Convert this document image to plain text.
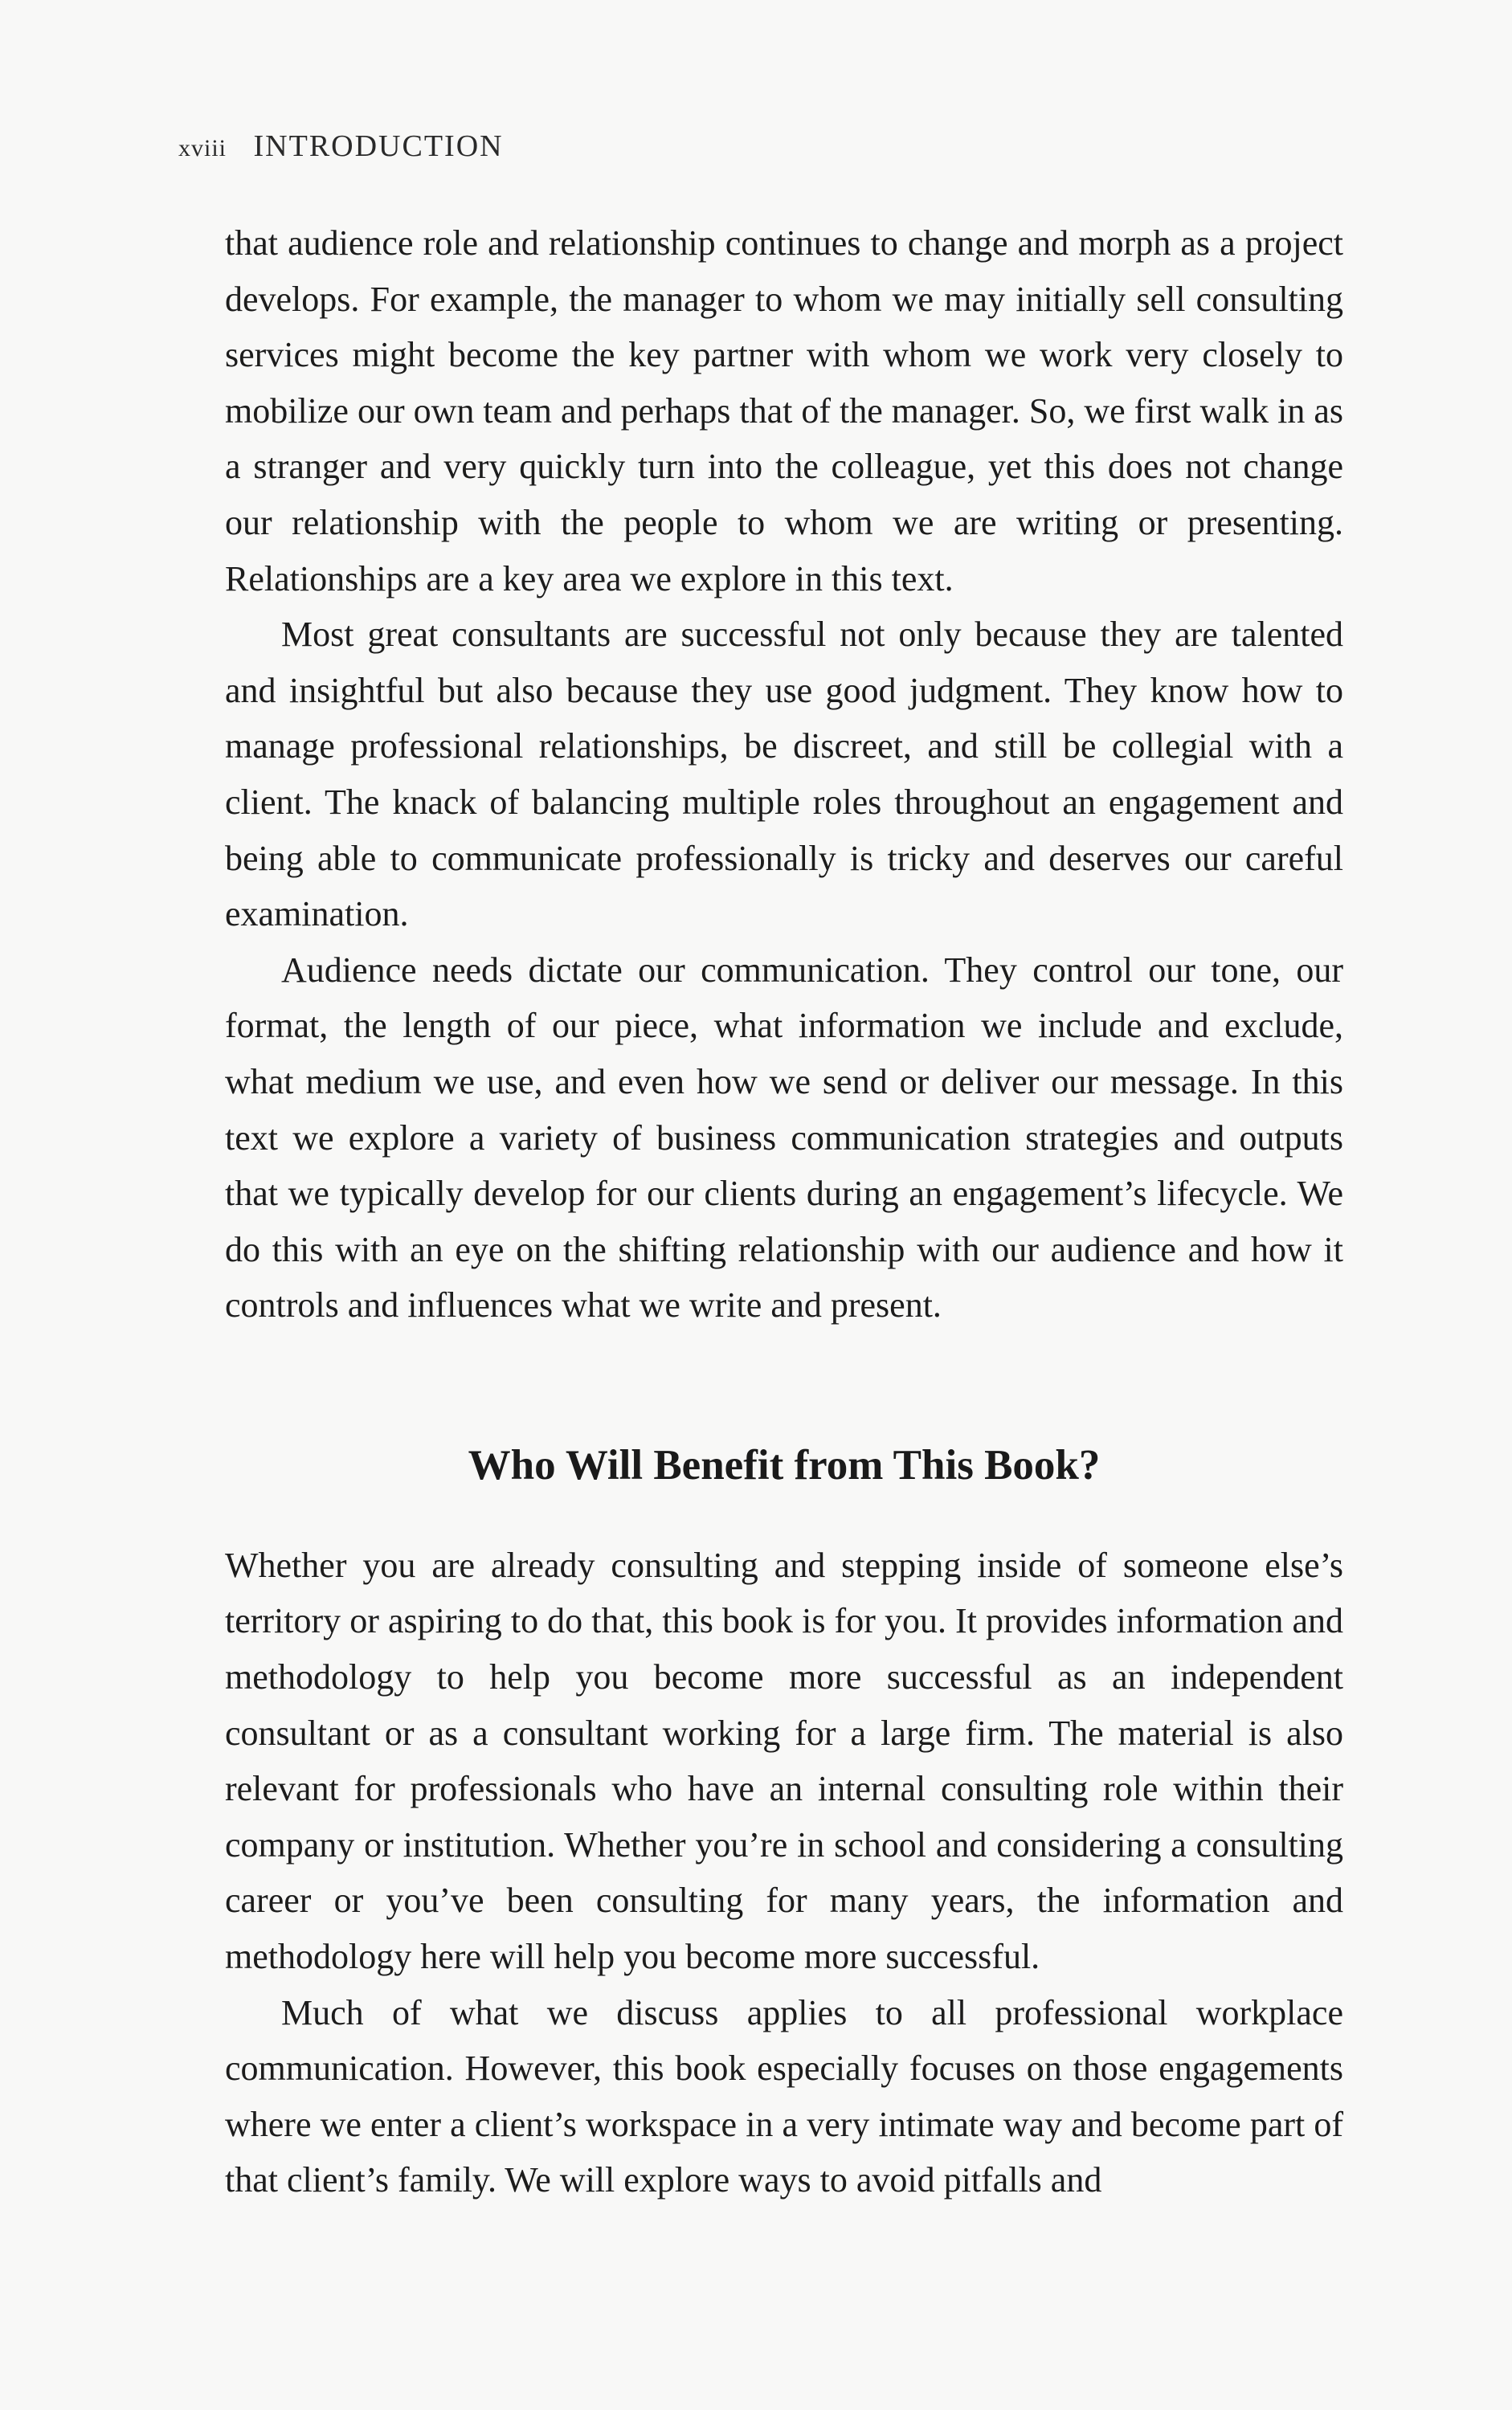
xviii INTRODUCTION

that audience role and relationship continues to change and morph as a project develops. For example, the manager to whom we may initially sell consulting services might become the key partner with whom we work very closely to mobilize our own team and perhaps that of the manager. So, we first walk in as a stranger and very quickly turn into the colleague, yet this does not change our relationship with the people to whom we are writing or presenting. Relationships are a key area we explore in this text.

Most great consultants are successful not only because they are talented and insightful but also because they use good judgment. They know how to manage professional relationships, be discreet, and still be collegial with a client. The knack of balancing multiple roles throughout an engagement and being able to communicate professionally is tricky and deserves our careful examination.

Audience needs dictate our communication. They control our tone, our format, the length of our piece, what information we include and exclude, what medium we use, and even how we send or deliver our message. In this text we explore a variety of business communication strategies and outputs that we typically develop for our clients during an engagement’s lifecycle. We do this with an eye on the shifting relationship with our audience and how it controls and influences what we write and present.

Who Will Benefit from This Book?

Whether you are already consulting and stepping inside of someone else’s territory or aspiring to do that, this book is for you. It provides information and methodology to help you become more successful as an independent consultant or as a consultant working for a large firm. The material is also relevant for professionals who have an internal consulting role within their company or institution. Whether you’re in school and considering a consulting career or you’ve been consulting for many years, the information and methodology here will help you become more successful.

Much of what we discuss applies to all professional workplace communication. However, this book especially focuses on those engagements where we enter a client’s workspace in a very intimate way and become part of that client’s family. We will explore ways to avoid pitfalls and
